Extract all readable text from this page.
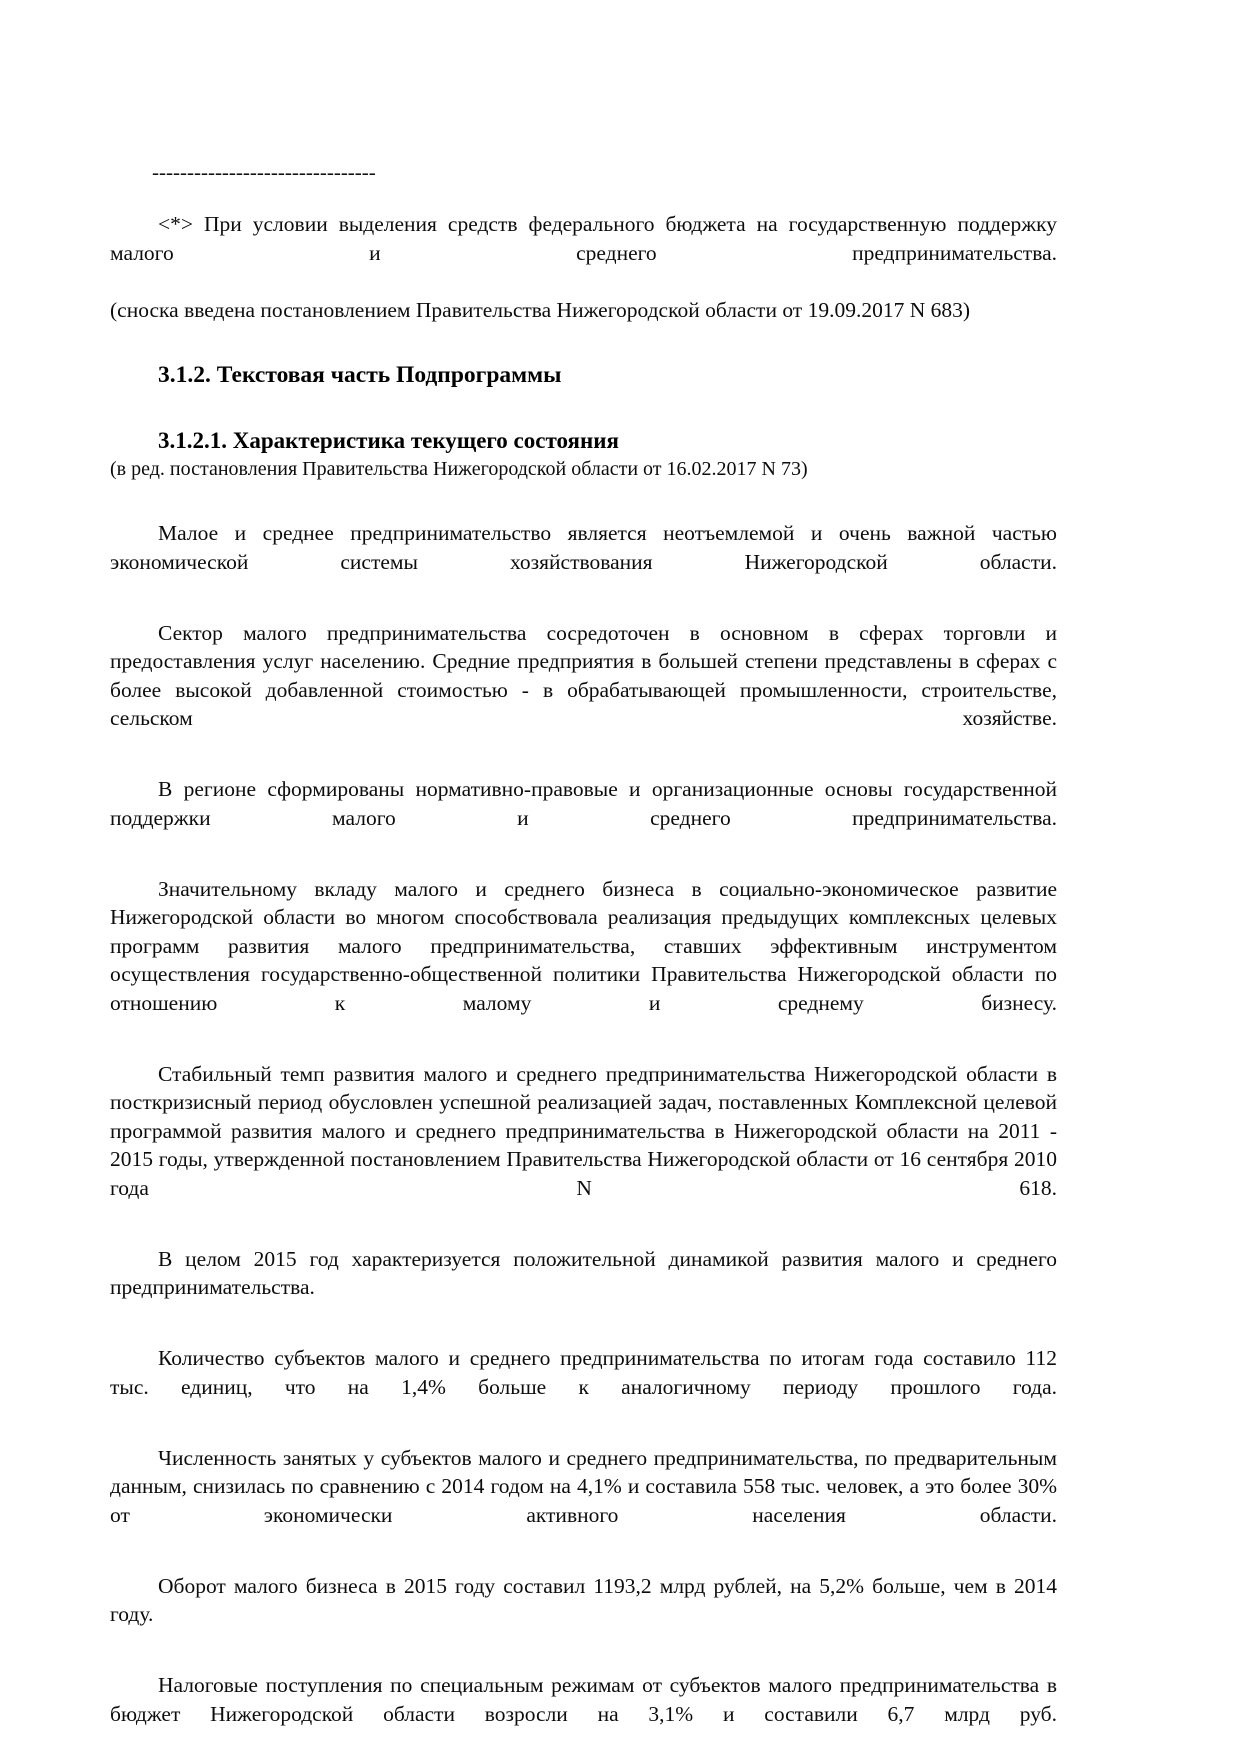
--------------------------------

<*> При условии выделения средств федерального бюджета на государственную поддержку малого и среднего предпринимательства.

(сноска введена постановлением Правительства Нижегородской области от 19.09.2017 N 683)

3.1.2. Текстовая часть Подпрограммы
3.1.2.1. Характеристика текущего состояния

(в ред. постановления Правительства Нижегородской области от 16.02.2017 N 73)

Малое и среднее предпринимательство является неотъемлемой и очень важной частью экономической системы хозяйствования Нижегородской области.

Сектор малого предпринимательства сосредоточен в основном в сферах торговли и предоставления услуг населению. Средние предприятия в большей степени представлены в сферах с более высокой добавленной стоимостью - в обрабатывающей промышленности, строительстве, сельском хозяйстве.

В регионе сформированы нормативно-правовые и организационные основы государственной поддержки малого и среднего предпринимательства.

Значительному вкладу малого и среднего бизнеса в социально-экономическое развитие Нижегородской области во многом способствовала реализация предыдущих комплексных целевых программ развития малого предпринимательства, ставших эффективным инструментом осуществления государственно-общественной политики Правительства Нижегородской области по отношению к малому и среднему бизнесу.

Стабильный темп развития малого и среднего предпринимательства Нижегородской области в посткризисный период обусловлен успешной реализацией задач, поставленных Комплексной целевой программой развития малого и среднего предпринимательства в Нижегородской области на 2011 - 2015 годы, утвержденной постановлением Правительства Нижегородской области от 16 сентября 2010 года N 618.

В целом 2015 год характеризуется положительной динамикой развития малого и среднего предпринимательства.

Количество субъектов малого и среднего предпринимательства по итогам года составило 112 тыс. единиц, что на 1,4% больше к аналогичному периоду прошлого года.

Численность занятых у субъектов малого и среднего предпринимательства, по предварительным данным, снизилась по сравнению с 2014 годом на 4,1% и составила 558 тыс. человек, а это более 30% от экономически активного населения области.

Оборот малого бизнеса в 2015 году составил 1193,2 млрд рублей, на 5,2% больше, чем в 2014 году.

Налоговые поступления по специальным режимам от субъектов малого предпринимательства в бюджет Нижегородской области возросли на 3,1% и составили 6,7 млрд руб.
